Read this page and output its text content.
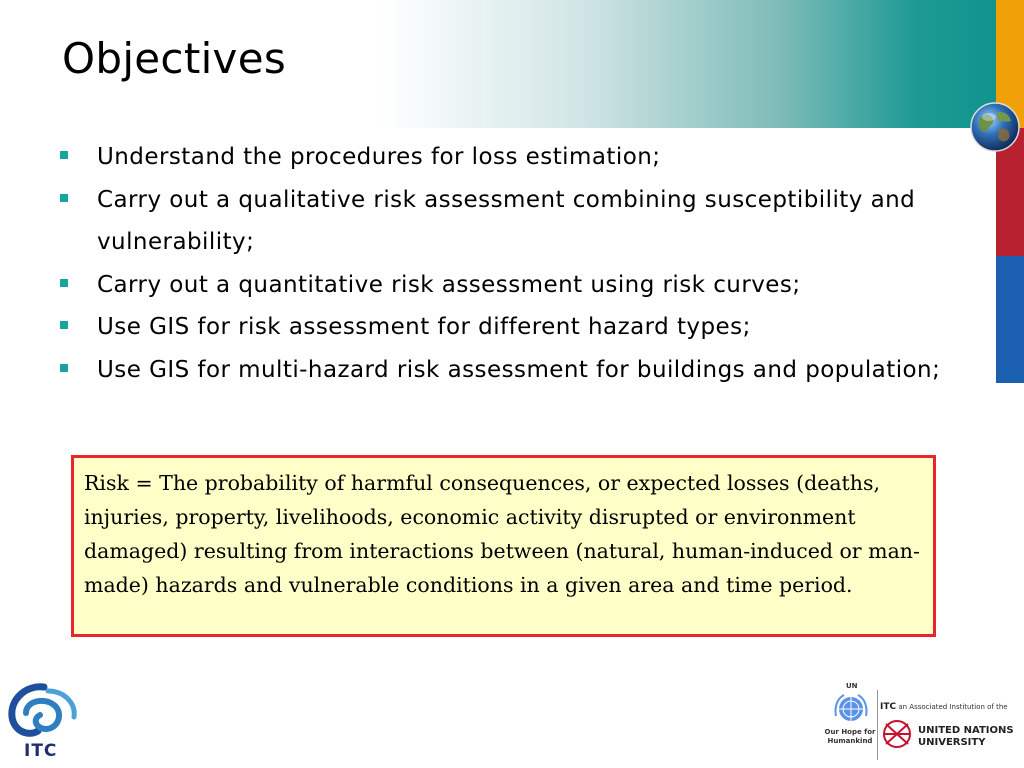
Objectives
Understand the procedures for loss estimation;
Carry out a qualitative risk assessment combining susceptibility and vulnerability;
Carry out a quantitative risk assessment using risk curves;
Use GIS for risk assessment for different hazard types;
Use GIS for multi-hazard risk assessment for buildings and population;
Risk = The probability of harmful consequences, or expected losses (deaths, injuries, property, livelihoods, economic activity disrupted or environment damaged) resulting from interactions between (natural, human-induced or man-made) hazards and vulnerable conditions in a given area and time period.
ITC
UN
Our Hope for
Humankind
ITC an Associated Institution of the
UNITED NATIONS
UNIVERSITY
